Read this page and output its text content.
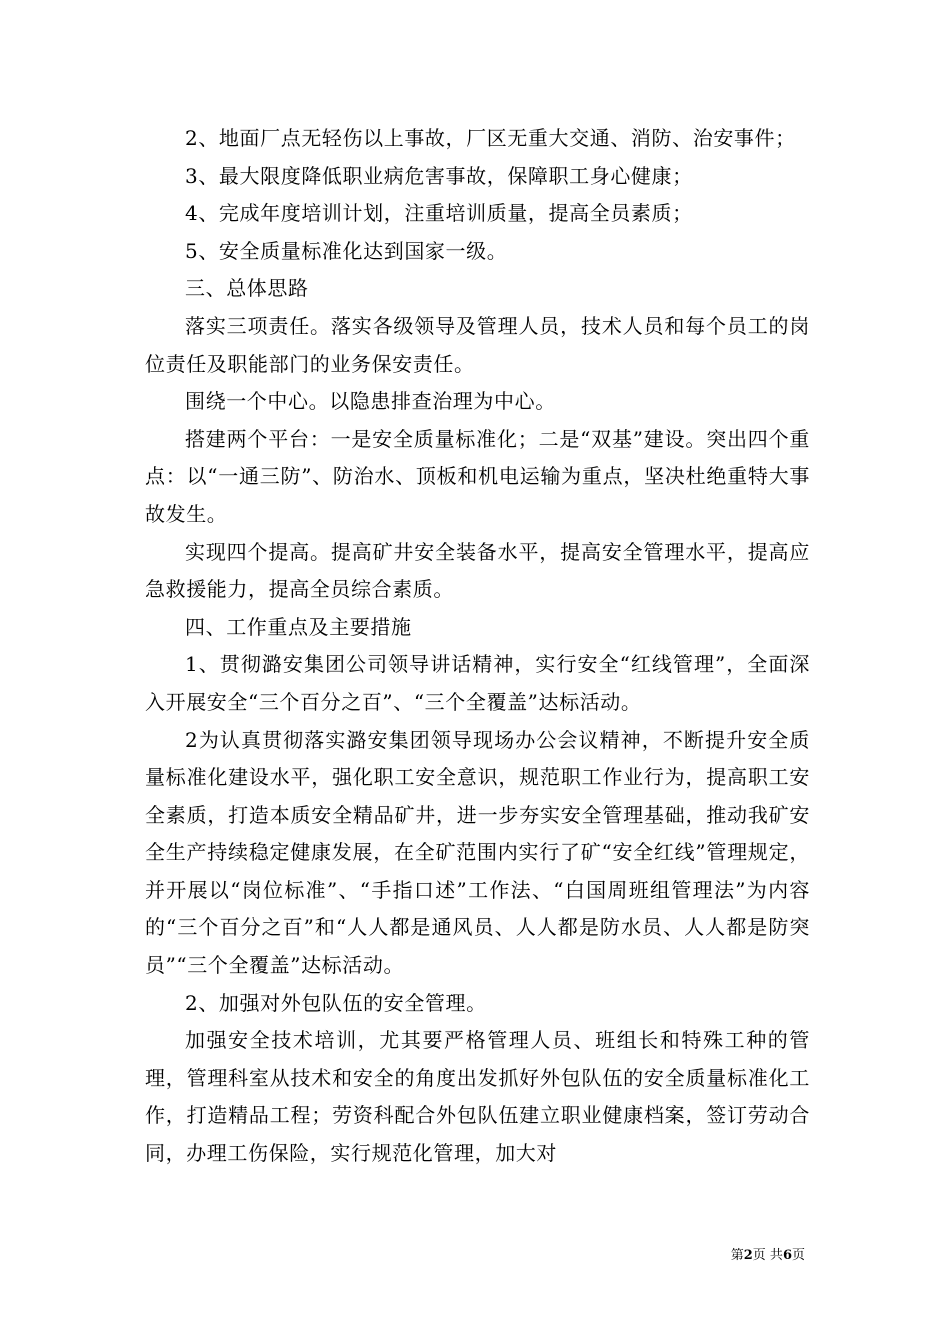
2、地面厂点无轻伤以上事故，厂区无重大交通、消防、治安事件；

3、最大限度降低职业病危害事故，保障职工身心健康；

4、完成年度培训计划，注重培训质量，提高全员素质；

5、安全质量标准化达到国家一级。

三、总体思路

落实三项责任。落实各级领导及管理人员，技术人员和每个员工的岗位责任及职能部门的业务保安责任。

围绕一个中心。以隐患排查治理为中心。

搭建两个平台：一是安全质量标准化；二是“双基”建设。突出四个重点：以“一通三防”、防治水、顶板和机电运输为重点，坚决杜绝重特大事故发生。

实现四个提高。提高矿井安全装备水平，提高安全管理水平，提高应急救援能力，提高全员综合素质。

四、工作重点及主要措施

1、贯彻潞安集团公司领导讲话精神，实行安全“红线管理”，全面深入开展安全“三个百分之百”、“三个全覆盖”达标活动。

2为认真贯彻落实潞安集团领导现场办公会议精神，不断提升安全质量标准化建设水平，强化职工安全意识，规范职工作业行为，提高职工安全素质，打造本质安全精品矿井，进一步夯实安全管理基础，推动我矿安全生产持续稳定健康发展，在全矿范围内实行了矿“安全红线”管理规定，并开展以“岗位标准”、“手指口述”工作法、“白国周班组管理法”为内容的“三个百分之百”和“人人都是通风员、人人都是防水员、人人都是防突员”“三个全覆盖”达标活动。

2、加强对外包队伍的安全管理。

加强安全技术培训，尤其要严格管理人员、班组长和特殊工种的管理，管理科室从技术和安全的角度出发抓好外包队伍的安全质量标准化工作，打造精品工程；劳资科配合外包队伍建立职业健康档案，签订劳动合同，办理工伤保险，实行规范化管理，加大对

第2页 共6页
